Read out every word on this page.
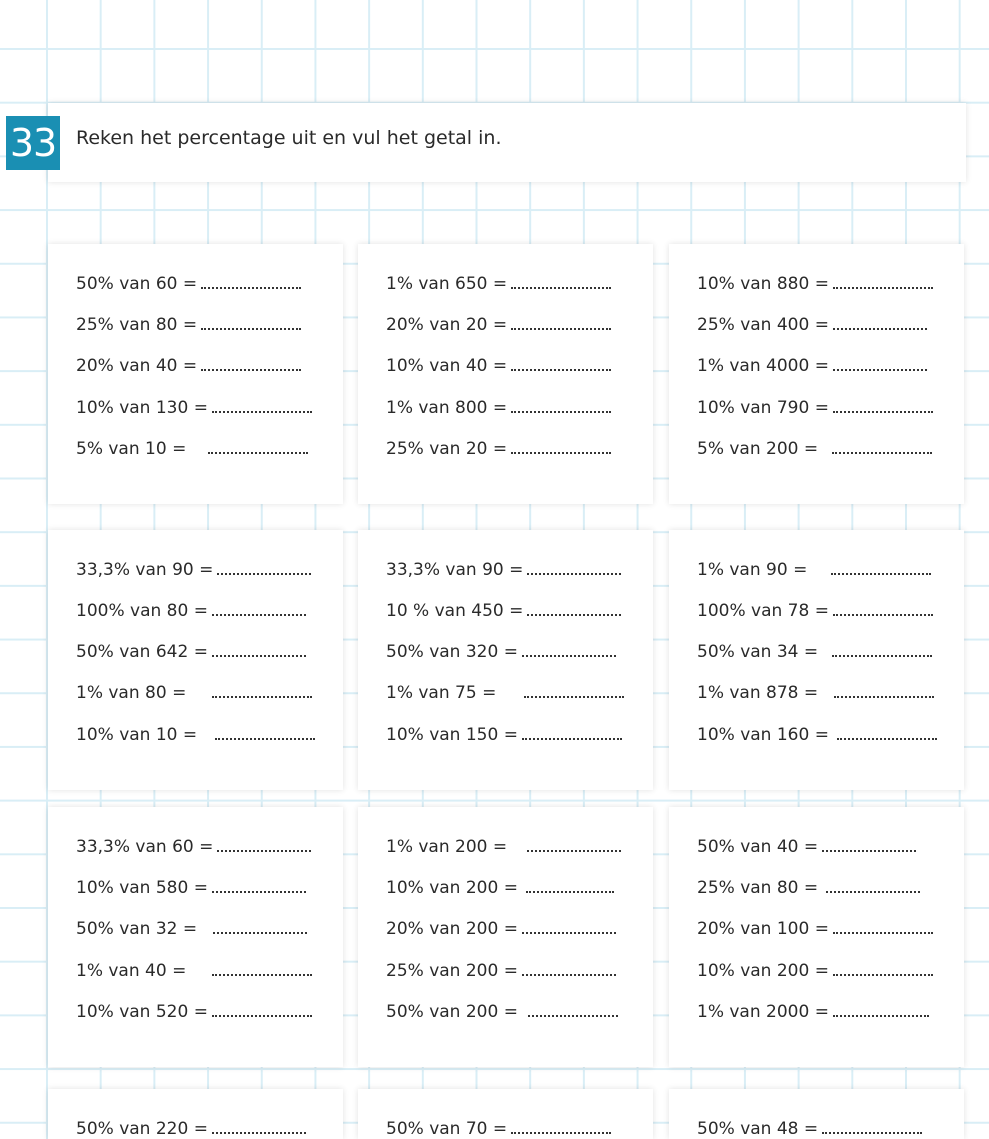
Reken het percentage uit en vul het getal in.
33
50% van 60 =
25% van 80 =
20% van 40 =
10% van 130 =
5% van 10 =
1% van 650 =
20% van 20 =
10% van 40 =
1% van 800 =
25% van 20 =
10% van 880 =
25% van 400 =
1% van 4000 =
10% van 790 =
5% van 200 =
33,3% van 90 =
100% van 80 =
50% van 642 =
1% van 80 =
10% van 10 =
33,3% van 90 =
10 % van 450 =
50% van 320 =
1% van 75 =
10% van 150 =
1% van 90 =
100% van 78 =
50% van 34 =
1% van 878 =
10% van 160 =
33,3% van 60 =
10% van 580 =
50% van 32 =
1% van 40 =
10% van 520 =
1% van 200 =
10% van 200 =
20% van 200 =
25% van 200 =
50% van 200 =
50% van 40 =
25% van 80 =
20% van 100 =
10% van 200 =
1% van 2000 =
50% van 220 =	50% van 70 =	50% van 48 =
